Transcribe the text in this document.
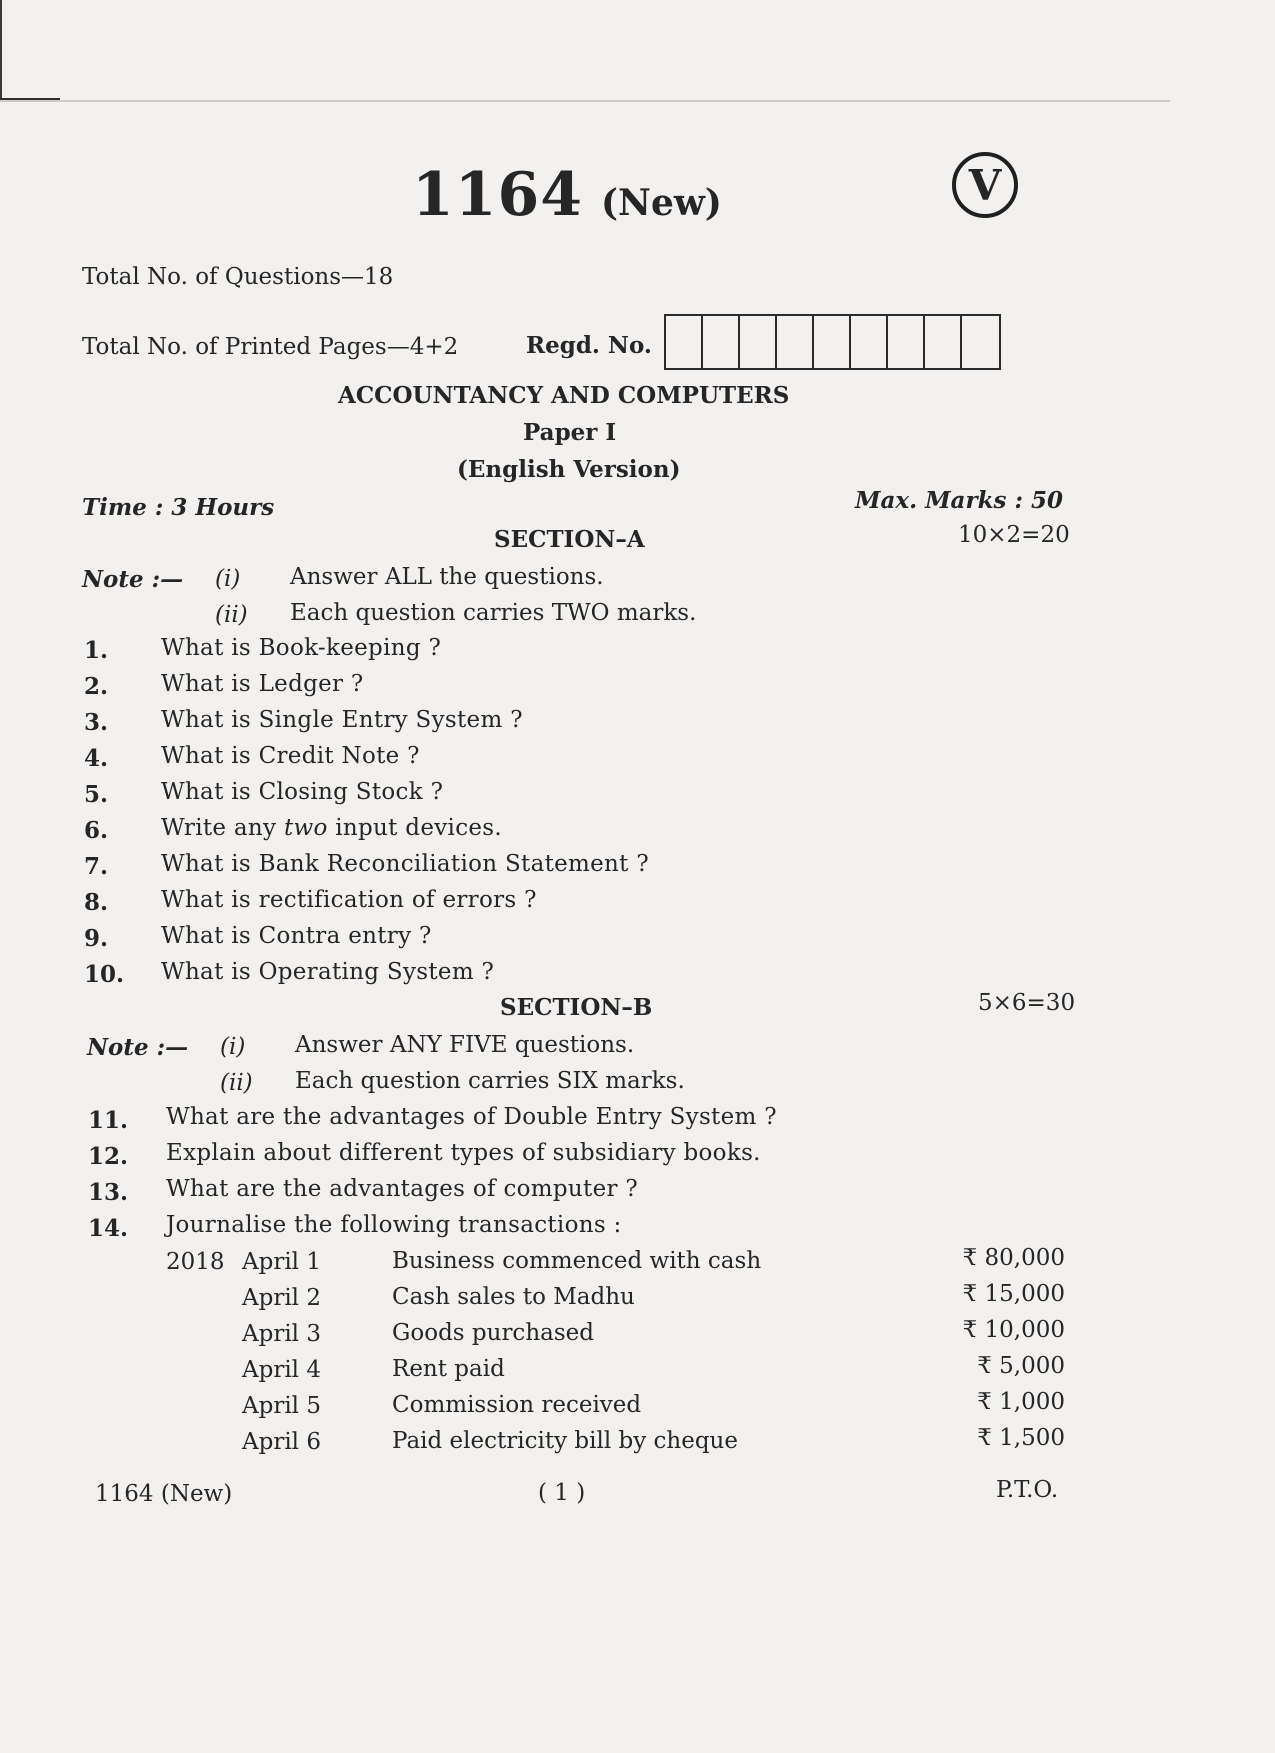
1164 (New)	V
Total No. of Questions—18
Total No. of Printed Pages—4+2	Regd. No.
ACCOUNTANCY AND COMPUTERS
Paper I
(English Version)
Time : 3 Hours	Max. Marks : 50
SECTION–A	10×2=20
Note :— (i) Answer ALL the questions.
(ii) Each question carries TWO marks.
1. What is Book-keeping ?
2. What is Ledger ?
3. What is Single Entry System ?
4. What is Credit Note ?
5. What is Closing Stock ?
6. Write any two input devices.
7. What is Bank Reconciliation Statement ?
8. What is rectification of errors ?
9. What is Contra entry ?
10. What is Operating System ?
SECTION–B	5×6=30
Note :— (i) Answer ANY FIVE questions.
(ii) Each question carries SIX marks.
11. What are the advantages of Double Entry System ?
12. Explain about different types of subsidiary books.
13. What are the advantages of computer ?
14. Journalise the following transactions :
2018 April 1	Business commenced with cash	₹ 80,000
April 2	Cash sales to Madhu	₹ 15,000
April 3	Goods purchased	₹ 10,000
April 4	Rent paid	₹ 5,000
April 5	Commission received	₹ 1,000
April 6	Paid electricity bill by cheque	₹ 1,500
1164 (New)	( 1 )	P.T.O.
